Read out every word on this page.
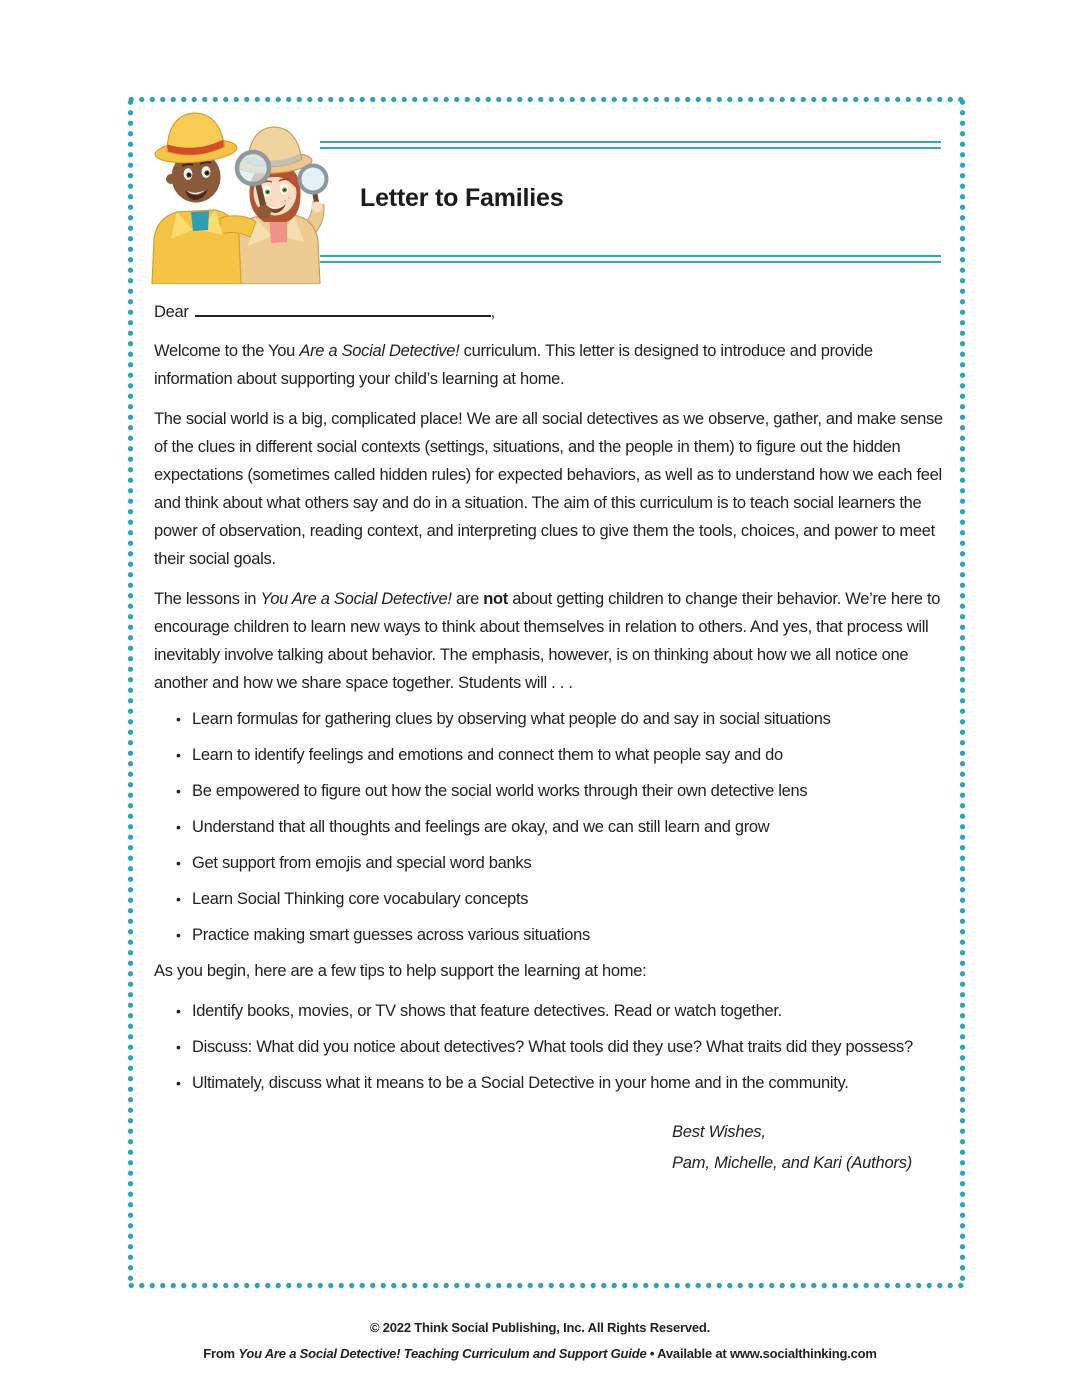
Letter to Families
Dear	,

Welcome to the You Are a Social Detective! curriculum. This letter is designed to introduce and provide information about supporting your child’s learning at home.

The social world is a big, complicated place! We are all social detectives as we observe, gather, and make sense of the clues in different social contexts (settings, situations, and the people in them) to figure out the hidden expectations (sometimes called hidden rules) for expected behaviors, as well as to understand how we each feel and think about what others say and do in a situation. The aim of this curriculum is to teach social learners the power of observation, reading context, and interpreting clues to give them the tools, choices, and power to meet their social goals.

The lessons in You Are a Social Detective! are not about getting children to change their behavior. We’re here to encourage children to learn new ways to think about themselves in relation to others. And yes, that process will inevitably involve talking about behavior. The emphasis, however, is on thinking about how we all notice one another and how we share space together. Students will . . .

• Learn formulas for gathering clues by observing what people do and say in social situations
• Learn to identify feelings and emotions and connect them to what people say and do
• Be empowered to figure out how the social world works through their own detective lens
• Understand that all thoughts and feelings are okay, and we can still learn and grow
• Get support from emojis and special word banks
• Learn Social Thinking core vocabulary concepts
• Practice making smart guesses across various situations

As you begin, here are a few tips to help support the learning at home:

• Identify books, movies, or TV shows that feature detectives. Read or watch together.
• Discuss: What did you notice about detectives? What tools did they use? What traits did they possess?
• Ultimately, discuss what it means to be a Social Detective in your home and in the community.
Best Wishes,
Pam, Michelle, and Kari (Authors)
© 2022 Think Social Publishing, Inc. All Rights Reserved.
From You Are a Social Detective! Teaching Curriculum and Support Guide • Available at www.socialthinking.com
